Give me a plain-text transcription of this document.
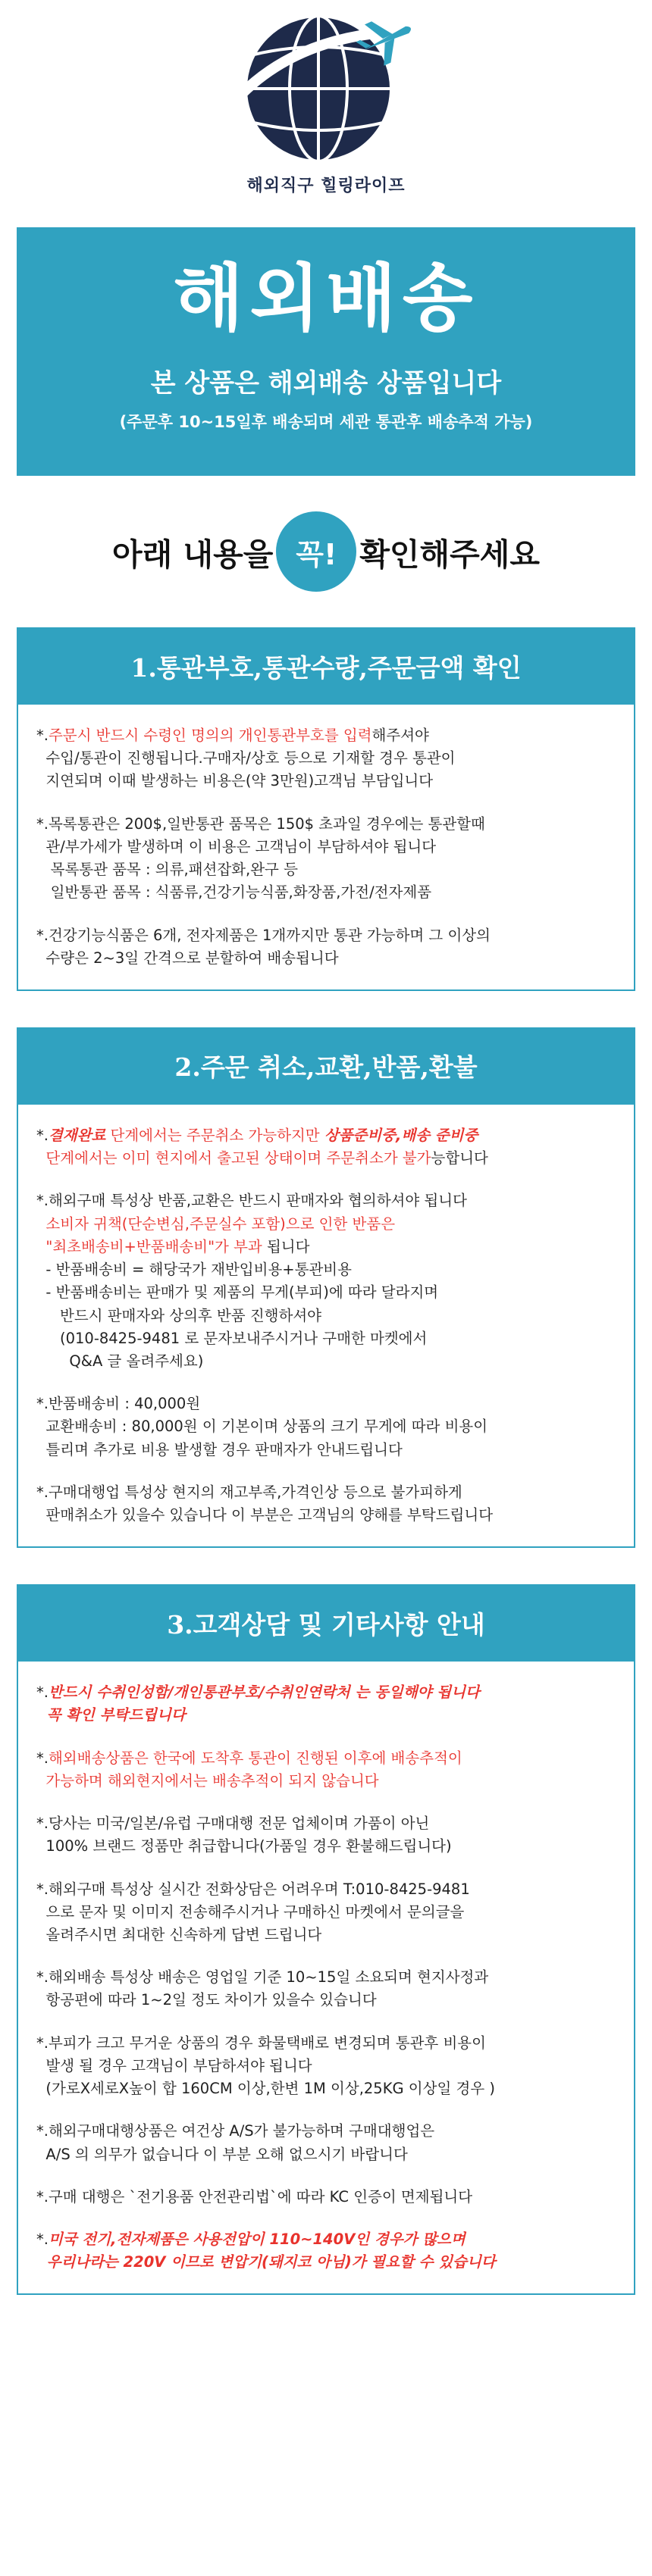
해외직구 힐링라이프
해외배송
본 상품은 해외배송 상품입니다
(주문후 10~15일후 배송되며 세관 통관후 배송추적 가능)
아래 내용을 꼭! 확인해주세요
1.통관부호,통관수량,주문금액 확인
*.주문시 반드시 수령인 명의의 개인통관부호를 입력해주셔야
수입/통관이 진행됩니다.구매자/상호 등으로 기재할 경우 통관이
지연되며 이때 발생하는 비용은(약 3만원)고객님 부담입니다
*.목록통관은 200$,일반통관 품목은 150$ 초과일 경우에는 통관할때
관/부가세가 발생하며 이 비용은 고객님이 부담하셔야 됩니다
목록통관 품목 : 의류,패션잡화,완구 등
일반통관 품목 : 식품류,건강기능식품,화장품,가전/전자제품
*.건강기능식품은 6개, 전자제품은 1개까지만 통관 가능하며 그 이상의
수량은 2~3일 간격으로 분할하여 배송됩니다
2.주문 취소,교환,반품,환불
*.결재완료 단계에서는 주문취소 가능하지만 상품준비중,배송 준비중
단계에서는 이미 현지에서 출고된 상태이며 주문취소가 불가능합니다
*.해외구매 특성상 반품,교환은 반드시 판매자와 협의하셔야 됩니다
소비자 귀책(단순변심,주문실수 포함)으로 인한 반품은
"최초배송비+반품배송비"가 부과 됩니다
- 반품배송비 = 해당국가 재반입비용+통관비용
- 반품배송비는 판매가 및 제품의 무게(부피)에 따라 달라지며
반드시 판매자와 상의후 반품 진행하셔야
(010-8425-9481 로 문자보내주시거나 구매한 마켓에서
Q&A 글 올려주세요)
*.반품배송비 : 40,000원
교환배송비 : 80,000원 이 기본이며 상품의 크기 무게에 따라 비용이
틀리며 추가로 비용 발생할 경우 판매자가 안내드립니다
*.구매대행업 특성상 현지의 재고부족,가격인상 등으로 불가피하게
판매취소가 있을수 있습니다 이 부분은 고객님의 양해를 부탁드립니다
3.고객상담 및 기타사항 안내
*.반드시 수취인성함/개인통관부호/수취인연락처 는 동일해야 됩니다
꼭 확인 부탁드립니다
*.해외배송상품은 한국에 도착후 통관이 진행된 이후에 배송추적이
가능하며 해외현지에서는 배송추적이 되지 않습니다
*.당사는 미국/일본/유럽 구매대행 전문 업체이며 가품이 아닌
100% 브랜드 정품만 취급합니다(가품일 경우 환불해드립니다)
*.해외구매 특성상 실시간 전화상담은 어려우며 T:010-8425-9481
으로 문자 및 이미지 전송해주시거나 구매하신 마켓에서 문의글을
올려주시면 최대한 신속하게 답변 드립니다
*.해외배송 특성상 배송은 영업일 기준 10~15일 소요되며 현지사정과
항공편에 따라 1~2일 정도 차이가 있을수 있습니다
*.부피가 크고 무거운 상품의 경우 화물택배로 변경되며 통관후 비용이
발생 될 경우 고객님이 부담하셔야 됩니다
(가로X세로X높이 합 160CM 이상,한변 1M 이상,25KG 이상일 경우 )
*.해외구매대행상품은 여건상 A/S가 불가능하며 구매대행업은
A/S 의 의무가 없습니다 이 부분 오해 없으시기 바랍니다
*.구매 대행은 `전기용품 안전관리법`에 따라 KC 인증이 면제됩니다
*.미국 전기,전자제품은 사용전압이 110~140V인 경우가 많으며
우리나라는 220V 이므로 변압기(돼지코 아님)가 필요할 수 있습니다
